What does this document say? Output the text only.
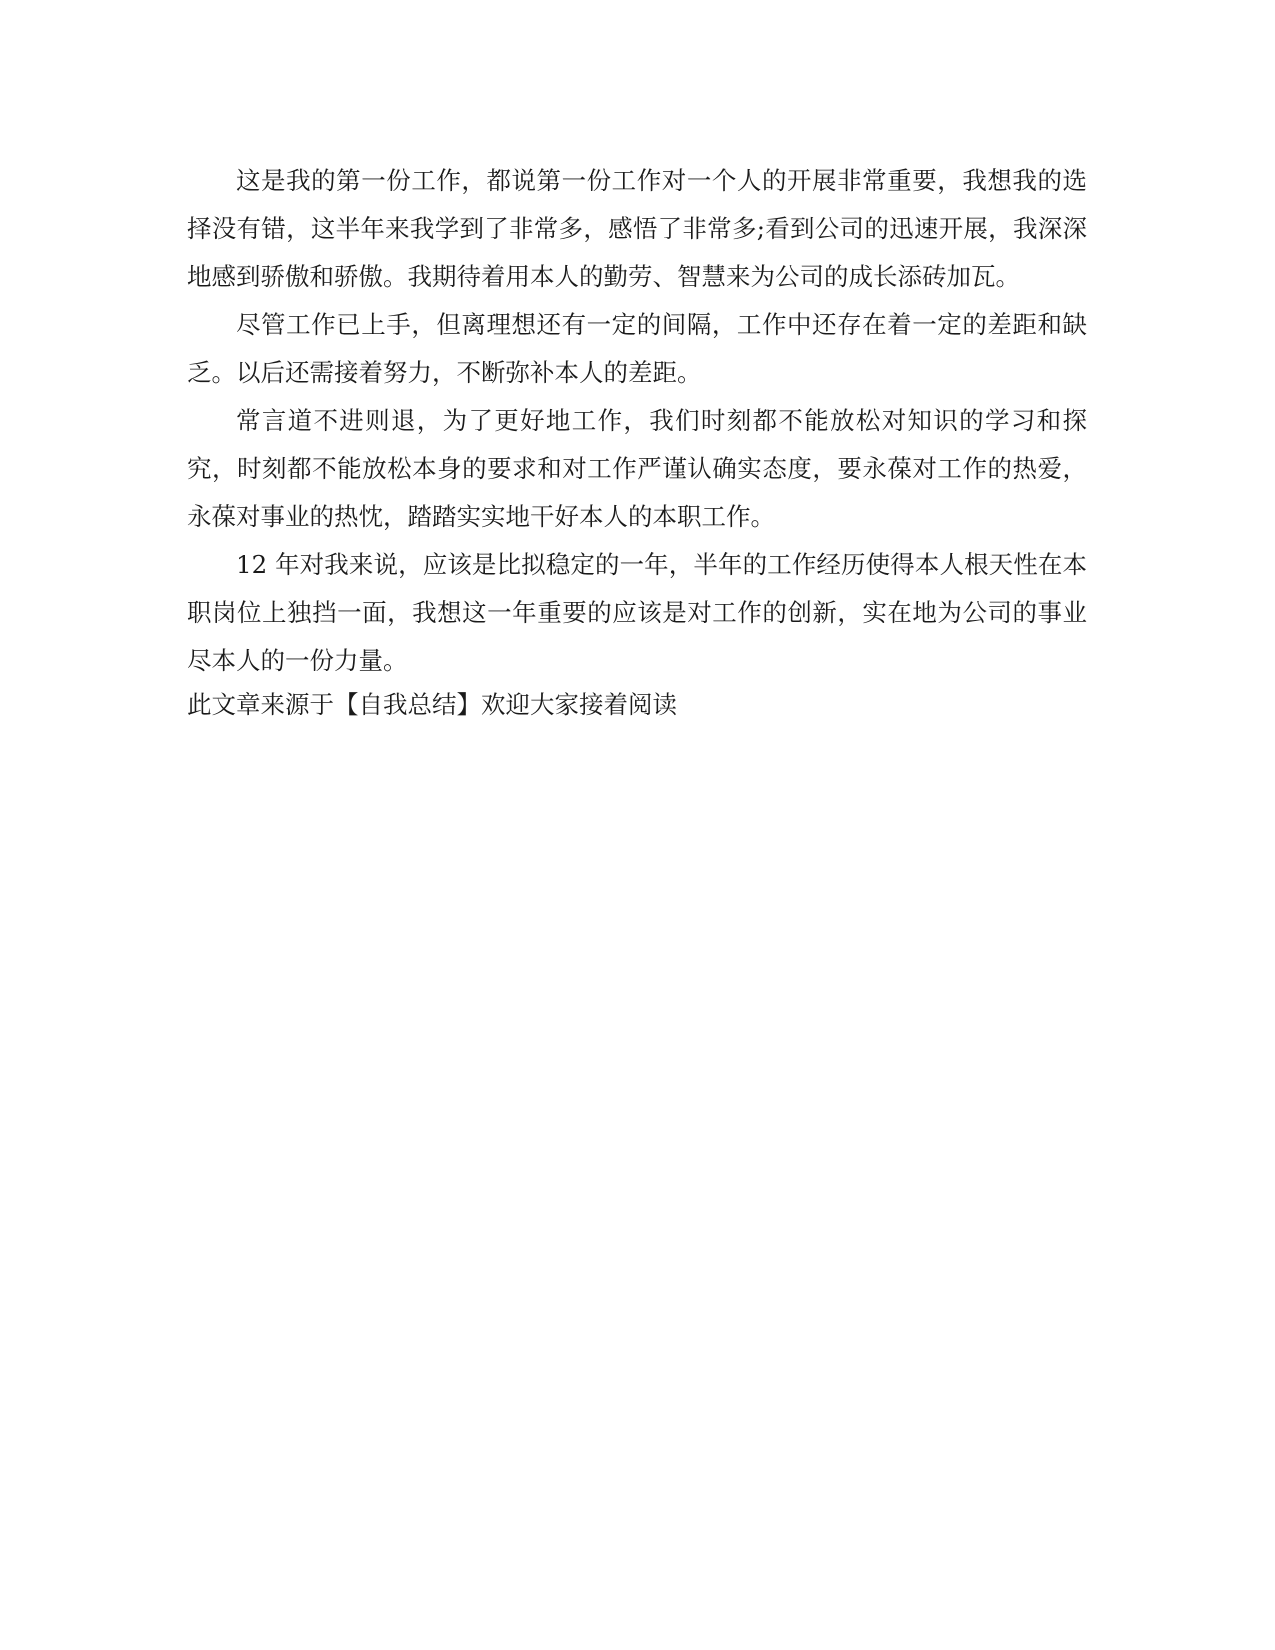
这是我的第一份工作，都说第一份工作对一个人的开展非常重要，我想我的选择没有错，这半年来我学到了非常多，感悟了非常多;看到公司的迅速开展，我深深地感到骄傲和骄傲。我期待着用本人的勤劳、智慧来为公司的成长添砖加瓦。

尽管工作已上手，但离理想还有一定的间隔，工作中还存在着一定的差距和缺乏。以后还需接着努力，不断弥补本人的差距。

常言道不进则退，为了更好地工作，我们时刻都不能放松对知识的学习和探究，时刻都不能放松本身的要求和对工作严谨认确实态度，要永葆对工作的热爱，永葆对事业的热忱，踏踏实实地干好本人的本职工作。

12 年对我来说，应该是比拟稳定的一年，半年的工作经历使得本人根天性在本职岗位上独挡一面，我想这一年重要的应该是对工作的创新，实在地为公司的事业尽本人的一份力量。

此文章来源于【自我总结】欢迎大家接着阅读
